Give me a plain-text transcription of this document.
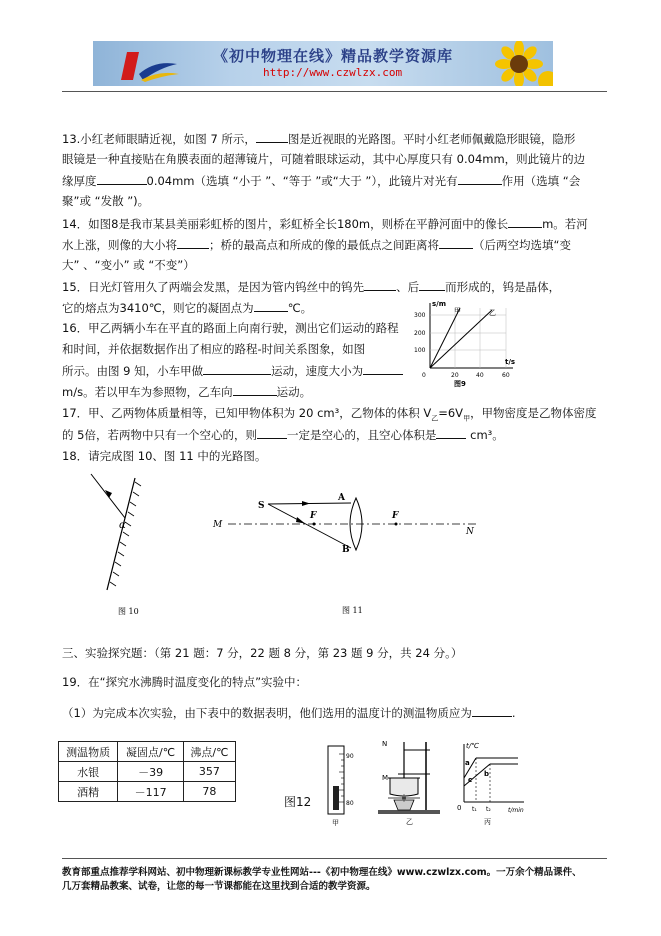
《初中物理在线》精品教学资源库
http://www.czwlzx.com
13.小红老师眼睛近视，如图 7 所示，	图是近视眼的光路图。平时小红老师佩戴隐形眼镜，隐形
眼镜是一种直接贴在角膜表面的超薄镜片，可随着眼球运动，其中心厚度只有 0.04mm，则此镜片的边
缘厚度	0.04mm（选填 “小于 ”、“等于 ”或“大于 ”），此镜片对光有	作用（选填 “会
聚”或 “发散 ”)。
14．如图8是我市某县美丽彩虹桥的图片，彩虹桥全长180m，则桥在平静河面中的像长	m。若河
水上涨，则像的大小将	；桥的最高点和所成的像的最低点之间距离将	（后两空均选填“变
大” 、“变小” 或 “不变”）
15．日光灯管用久了两端会发黑，是因为管内钨丝中的钨先	、后 而形成的，钨是晶体，
它的熔点为3410℃，则它的凝固点为	℃。
16．甲乙两辆小车在平直的路面上向南行驶，测出它们运动的路程
和时间，并依据数据作出了相应的路程-时间关系图象，如图
所示。由图 9 知，小车甲做	运动，速度大小为
m/s。若以甲车为参照物，乙车向	运动。
s/m
t/s
甲	乙
300
200
100
0	20	40	60
图9
17．甲、乙两物体质量相等，已知甲物体积为 20 cm³，乙物体的体积 $V_乙=6V_甲$，甲物密度是乙物体密度
的 5倍，若两物中只有一个空心的，则	一定是空心的，且空心体积是	cm³。
18．请完成图 10、图 11 中的光路图。
α
图 10
S
A
B
F	F
M
N
图 11
三、实验探究题：（第 21 题：7 分，22 题 8 分，第 23 题 9 分，共 24 分。）
19．在“探究水沸腾时温度变化的特点”实验中：
（1）为完成本次实验，由下表中的数据表明，他们选用的温度计的测温物质应为	.
测温物质	凝固点/℃	沸点/℃
水银	－39	357
酒精	－117	78
图12
90
80
甲
N
M
乙
t/℃
t/min
a
b
c
0 t₁ t₂
丙
教育部重点推荐学科网站、初中物理新课标教学专业性网站---《初中物理在线》www.czwlzx.com。一万余个精品课件、
几万套精品教案、试卷，让您的每一节课都能在这里找到合适的教学资源。
